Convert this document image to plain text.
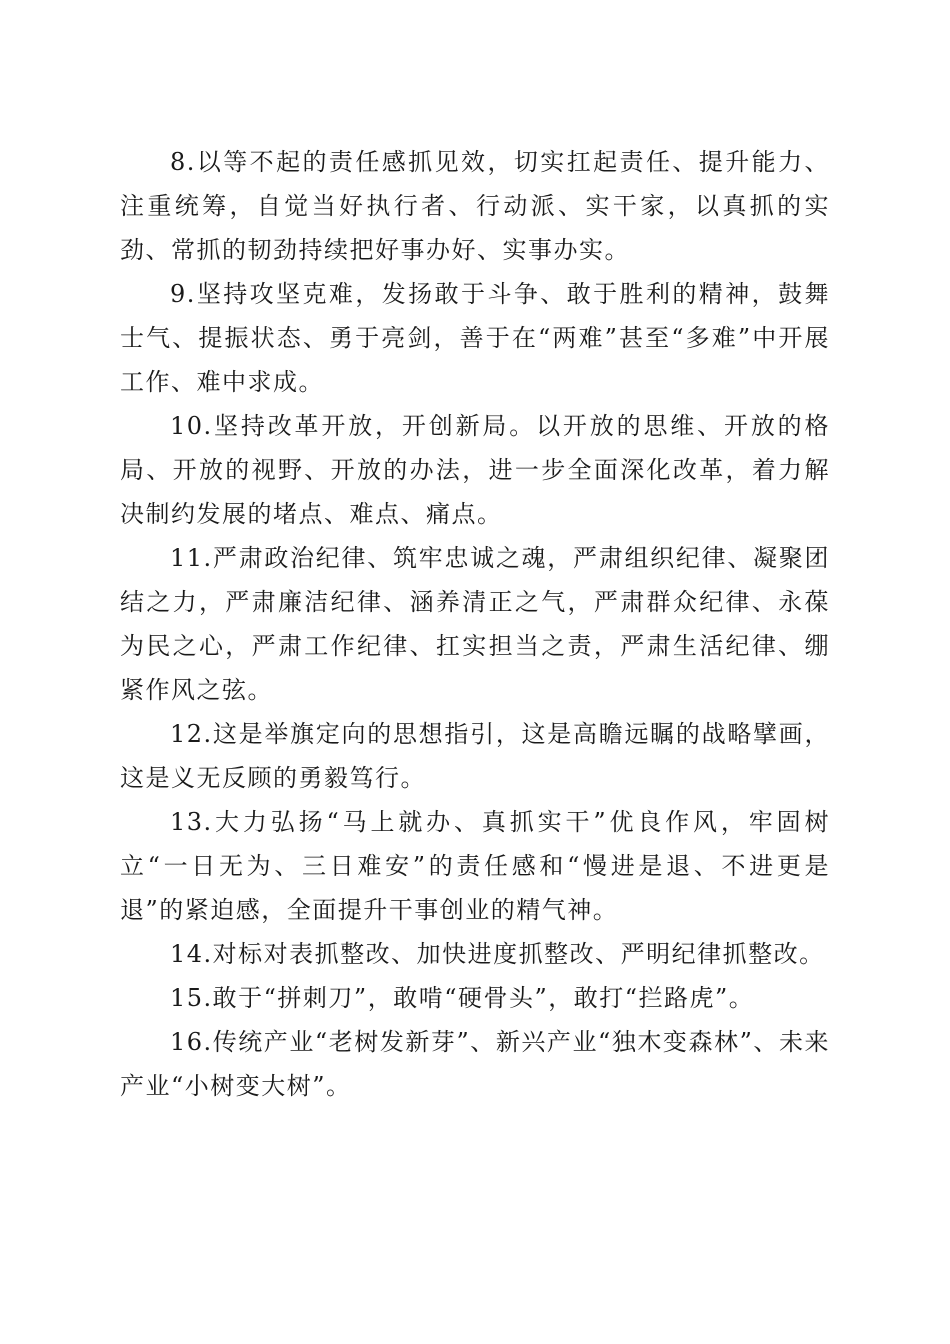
8.以等不起的责任感抓见效，切实扛起责任、提升能力、注重统筹，自觉当好执行者、行动派、实干家，以真抓的实劲、常抓的韧劲持续把好事办好、实事办实。

9.坚持攻坚克难，发扬敢于斗争、敢于胜利的精神，鼓舞士气、提振状态、勇于亮剑，善于在“两难”甚至“多难”中开展工作、难中求成。

10.坚持改革开放，开创新局。以开放的思维、开放的格局、开放的视野、开放的办法，进一步全面深化改革，着力解决制约发展的堵点、难点、痛点。

11.严肃政治纪律、筑牢忠诚之魂，严肃组织纪律、凝聚团结之力，严肃廉洁纪律、涵养清正之气，严肃群众纪律、永葆为民之心，严肃工作纪律、扛实担当之责，严肃生活纪律、绷紧作风之弦。

12.这是举旗定向的思想指引，这是高瞻远瞩的战略擘画，这是义无反顾的勇毅笃行。

13.大力弘扬“马上就办、真抓实干”优良作风，牢固树立“一日无为、三日难安”的责任感和“慢进是退、不进更是退”的紧迫感，全面提升干事创业的精气神。

14.对标对表抓整改、加快进度抓整改、严明纪律抓整改。

15.敢于“拼刺刀”，敢啃“硬骨头”，敢打“拦路虎”。

16.传统产业“老树发新芽”、新兴产业“独木变森林”、未来产业“小树变大树”。
